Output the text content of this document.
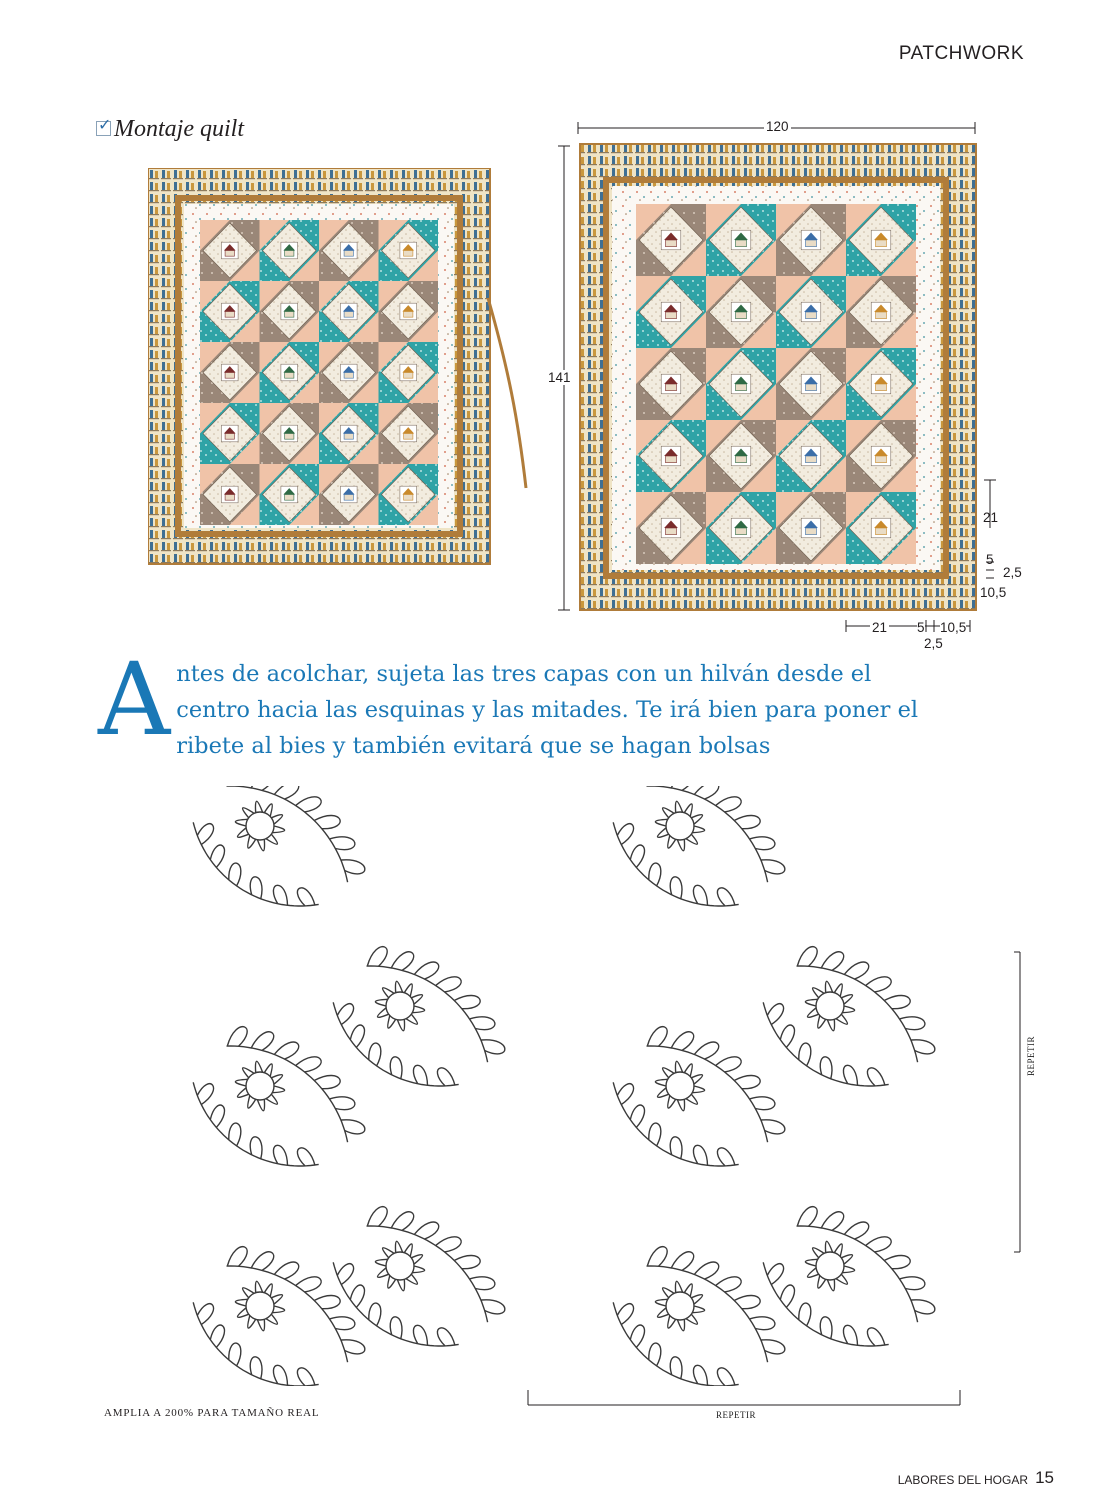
PATCHWORK
✓Montaje quilt	120
141
21
5
2,5
10,5
21 5 10,5
2,5
Antes de acolchar, sujeta las tres capas con un hilván desde el centro hacia las esquinas y las mitades. Te irá bien para poner el ribete al bies y también evitará que se hagan bolsas
REPETIR
REPETIR
AMPLIA A 200% PARA TAMAÑO REAL
LABORES DEL HOGAR 15
